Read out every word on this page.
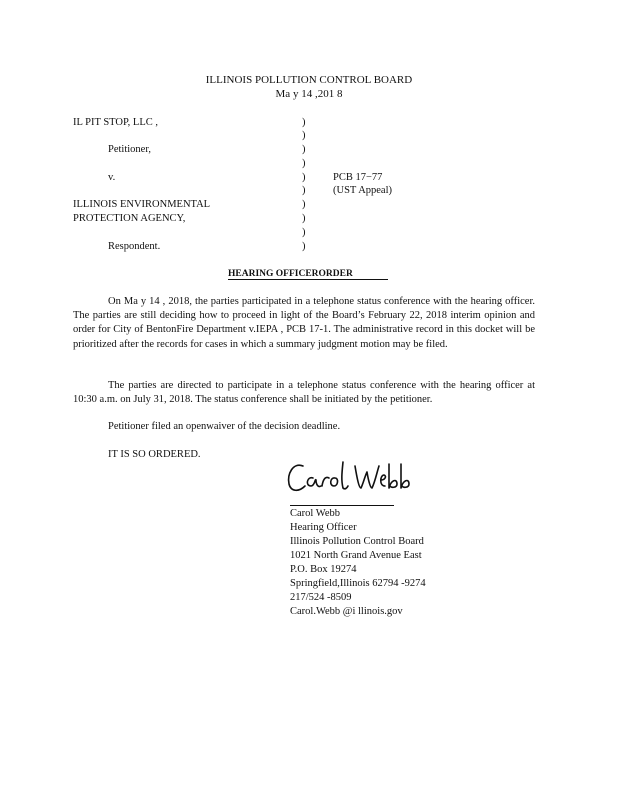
ILLINOIS POLLUTION CONTROL BOARD
Ma y 14 ,201 8
IL PIT STOP, LLC ,
Petitioner,
v.
ILLINOIS ENVIRONMENTAL
PROTECTION AGENCY,
Respondent.
)
)
)
)
)
)
)
)
)
)
PCB 17−77
(UST Appeal)
HEARING OFFICERORDER

On Ma y 14 , 2018, the parties participated in a telephone status conference with the hearing officer. The parties are still deciding how to proceed in light of the Board’s February 22, 2018 interim opinion and order for City of BentonFire Department v.IEPA , PCB 17-1. The administrative record in this docket will be prioritized after the records for cases in which a summary judgment motion may be filed.

The parties are directed to participate in a telephone status conference with the hearing officer at 10:30 a.m. on July 31, 2018. The status conference shall be initiated by the petitioner.

Petitioner filed an openwaiver of the decision deadline.
IT IS SO ORDERED.
Carol Webb
Hearing Officer
Illinois Pollution Control Board
1021 North Grand Avenue East
P.O. Box 19274
Springfield,Illinois 62794 -9274
217/524 -8509
Carol.Webb @i llinois.gov
